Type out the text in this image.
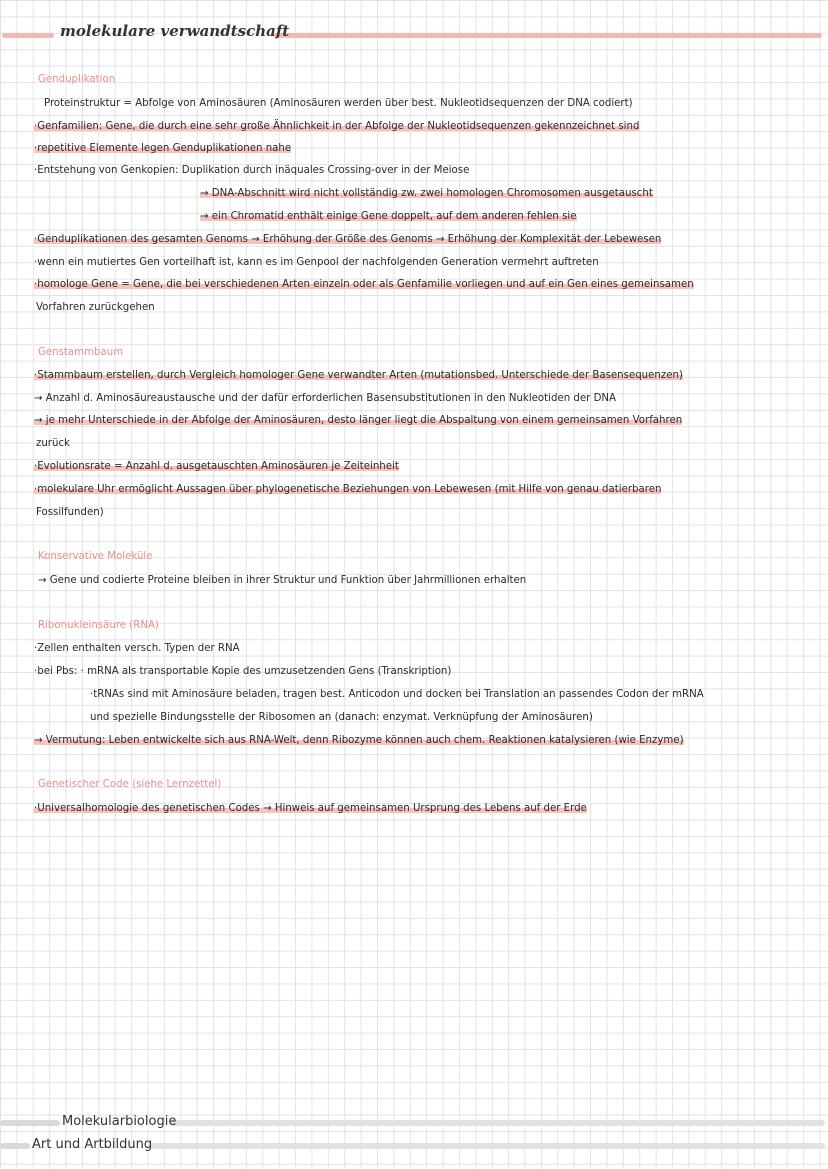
molekulare verwandtschaft
Genduplikation
Proteinstruktur = Abfolge von Aminosäuren (Aminosäuren werden über best. Nukleotidsequenzen der DNA codiert)
·Genfamilien: Gene, die durch eine sehr große Ähnlichkeit in der Abfolge der Nukleotidsequenzen gekennzeichnet sind
·repetitive Elemente legen Genduplikationen nahe
·Entstehung von Genkopien: Duplikation durch inäquales Crossing-over in der Meiose
→ DNA-Abschnitt wird nicht vollständig zw. zwei homologen Chromosomen ausgetauscht
→ ein Chromatid enthält einige Gene doppelt, auf dem anderen fehlen sie
·Genduplikationen des gesamten Genoms → Erhöhung der Größe des Genoms → Erhöhung der Komplexität der Lebewesen
·wenn ein mutiertes Gen vorteilhaft ist, kann es im Genpool der nachfolgenden Generation vermehrt auftreten
·homologe Gene = Gene, die bei verschiedenen Arten einzeln oder als Genfamilie vorliegen und auf ein Gen eines gemeinsamen
Vorfahren zurückgehen
Genstammbaum
·Stammbaum erstellen, durch Vergleich homologer Gene verwandter Arten (mutationsbed. Unterschiede der Basensequenzen)
→ Anzahl d. Aminosäureaustausche und der dafür erforderlichen Basensubstitutionen in den Nukleotiden der DNA
→ je mehr Unterschiede in der Abfolge der Aminosäuren, desto länger liegt die Abspaltung von einem gemeinsamen Vorfahren
zurück
·Evolutionsrate = Anzahl d. ausgetauschten Aminosäuren je Zeiteinheit
·molekulare Uhr ermöglicht Aussagen über phylogenetische Beziehungen von Lebewesen (mit Hilfe von genau datierbaren
Fossilfunden)
Konservative Moleküle
→ Gene und codierte Proteine bleiben in ihrer Struktur und Funktion über Jahrmillionen erhalten
Ribonukleinsäure (RNA)
·Zellen enthalten versch. Typen der RNA
·bei Pbs: · mRNA als transportable Kopie des umzusetzenden Gens (Transkription)
·tRNAs sind mit Aminosäure beladen, tragen best. Anticodon und docken bei Translation an passendes Codon der mRNA
und spezielle Bindungsstelle der Ribosomen an (danach: enzymat. Verknüpfung der Aminosäuren)
→ Vermutung: Leben entwickelte sich aus RNA-Welt, denn Ribozyme können auch chem. Reaktionen katalysieren (wie Enzyme)
Genetischer Code (siehe Lernzettel)
·Universalhomologie des genetischen Codes → Hinweis auf gemeinsamen Ursprung des Lebens auf der Erde
Molekularbiologie
Art und Artbildung
